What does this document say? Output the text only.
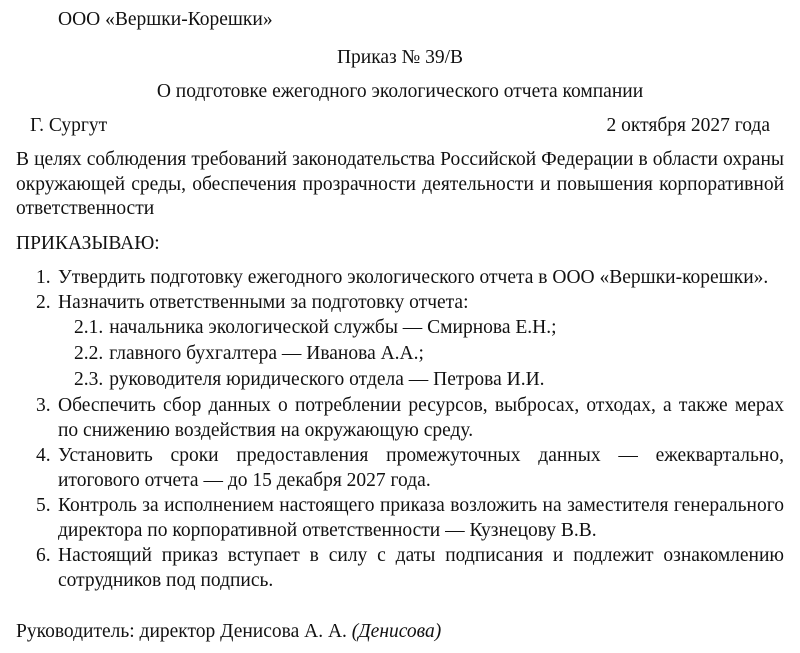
ООО «Вершки-Корешки»
Приказ № 39/В
О подготовке ежегодного экологического отчета компании
Г. Сургут	2 октября 2027 года
В целях соблюдения требований законодательства Российской Федерации в области охраны окружающей среды, обеспечения прозрачности деятельности и повышения корпоративной ответственности
ПРИКАЗЫВАЮ:
1. Утвердить подготовку ежегодного экологического отчета в ООО «Вершки-корешки».
2. Назначить ответственными за подготовку отчета:
2.1. начальника экологической службы — Смирнова Е.Н.;
2.2. главного бухгалтера — Иванова А.А.;
2.3. руководителя юридического отдела — Петрова И.И.
3. Обеспечить сбор данных о потреблении ресурсов, выбросах, отходах, а также мерах по снижению воздействия на окружающую среду.
4. Установить сроки предоставления промежуточных данных — ежеквартально, итогового отчета — до 15 декабря 2027 года.
5. Контроль за исполнением настоящего приказа возложить на заместителя генерального директора по корпоративной ответственности — Кузнецову В.В.
6. Настоящий приказ вступает в силу с даты подписания и подлежит ознакомлению сотрудников под подпись.
Руководитель: директор Денисова А. А. (Денисова)
